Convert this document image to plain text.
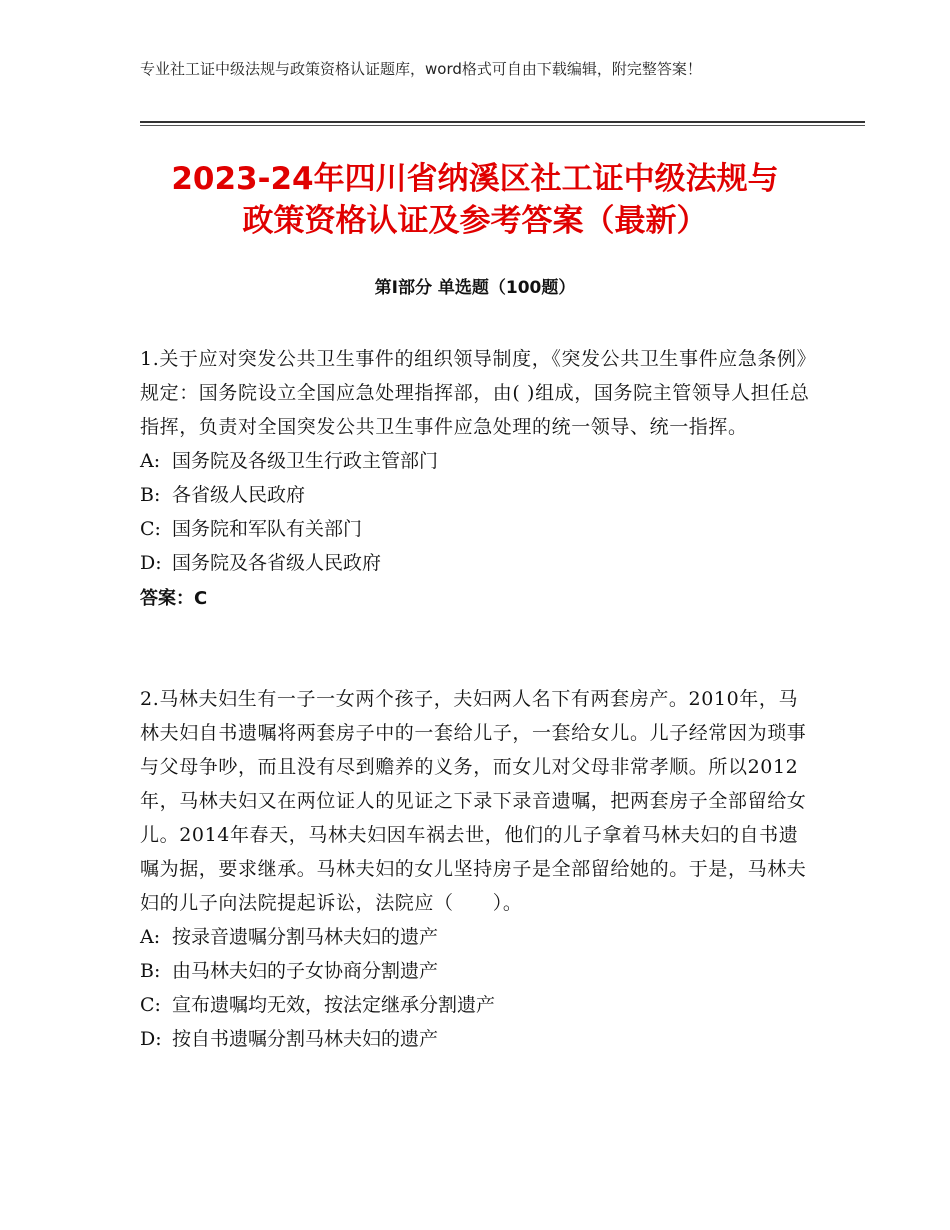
专业社工证中级法规与政策资格认证题库，word格式可自由下载编辑，附完整答案！
2023-24年四川省纳溪区社工证中级法规与
政策资格认证及参考答案（最新）
第Ⅰ部分 单选题（100题）

1.关于应对突发公共卫生事件的组织领导制度，《突发公共卫生事件应急条例》规定：国务院设立全国应急处理指挥部，由( )组成，国务院主管领导人担任总指挥，负责对全国突发公共卫生事件应急处理的统一领导、统一指挥。

A: 国务院及各级卫生行政主管部门

B: 各省级人民政府

C: 国务院和军队有关部门

D: 国务院及各省级人民政府

答案：C

2.马林夫妇生有一子一女两个孩子，夫妇两人名下有两套房产。2010年，马林夫妇自书遗嘱将两套房子中的一套给儿子，一套给女儿。儿子经常因为琐事与父母争吵，而且没有尽到赡养的义务，而女儿对父母非常孝顺。所以2012年，马林夫妇又在两位证人的见证之下录下录音遗嘱，把两套房子全部留给女儿。2014年春天，马林夫妇因车祸去世，他们的儿子拿着马林夫妇的自书遗嘱为据，要求继承。马林夫妇的女儿坚持房子是全部留给她的。于是，马林夫妇的儿子向法院提起诉讼，法院应（　　）。

A: 按录音遗嘱分割马林夫妇的遗产

B: 由马林夫妇的子女协商分割遗产

C: 宣布遗嘱均无效，按法定继承分割遗产

D: 按自书遗嘱分割马林夫妇的遗产
